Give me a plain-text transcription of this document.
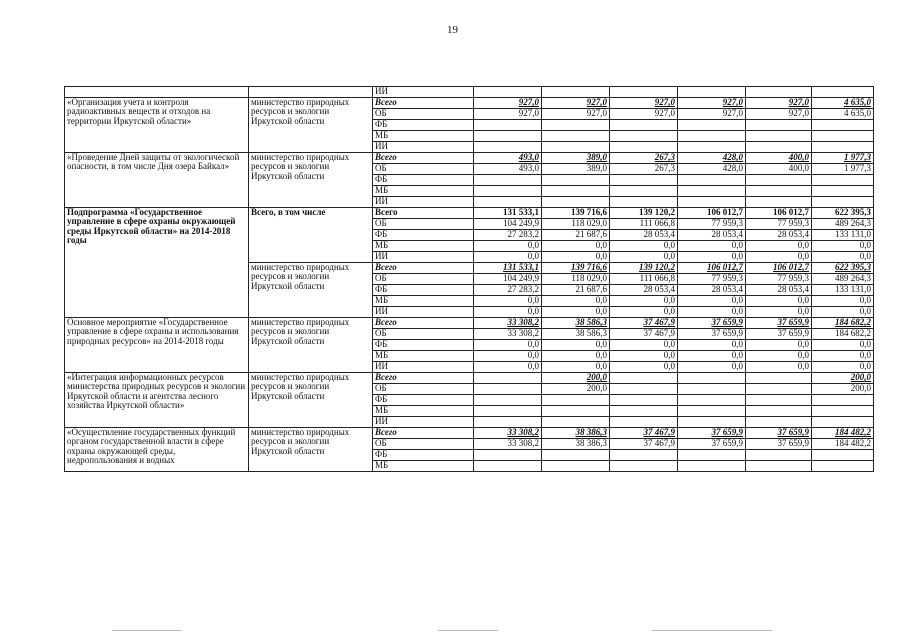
19
		ИИ						
«Организация учета и контроля радиоактивных веществ и отходов на территории Иркутской области»	министерство природных ресурсов и экологии Иркутской области	Всего	927,0	927,0	927,0	927,0	927,0	4 635,0
		ОБ	927,0	927,0	927,0	927,0	927,0	4 635,0
		ФБ						
		МБ						
		ИИ						
«Проведение Дней защиты от экологической опасности, в том числе Дня озера Байкал»	министерство природных ресурсов и экологии Иркутской области	Всего	493,0	389,0	267,3	428,0	400,0	1 977,3
		ОБ	493,0	389,0	267,3	428,0	400,0	1 977,3
		ФБ						
		МБ						
		ИИ						
Подпрограмма «Государственное управление в сфере охраны окружающей среды Иркутской области» на 2014-2018 годы	Всего, в том числе	Всего	131 533,1	139 716,6	139 120,2	106 012,7	106 012,7	622 395,3
		ОБ	104 249,9	118 029,0	111 066,8	77 959,3	77 959,3	489 264,3
		ФБ	27 283,2	21 687,6	28 053,4	28 053,4	28 053,4	133 131,0
		МБ	0,0	0,0	0,0	0,0	0,0	0,0
		ИИ	0,0	0,0	0,0	0,0	0,0	0,0
	министерство природных ресурсов и экологии Иркутской области	Всего	131 533,1	139 716,6	139 120,2	106 012,7	106 012,7	622 395,3
		ОБ	104 249,9	118 029,0	111 066,8	77 959,3	77 959,3	489 264,3
		ФБ	27 283,2	21 687,6	28 053,4	28 053,4	28 053,4	133 131,0
		МБ	0,0	0,0	0,0	0,0	0,0	0,0
		ИИ	0,0	0,0	0,0	0,0	0,0	0,0
Основное мероприятие «Государственное управление в сфере охраны и использования природных ресурсов» на 2014-2018 годы	министерство природных ресурсов и экологии Иркутской области	Всего	33 308,2	38 586,3	37 467,9	37 659,9	37 659,9	184 682,2
		ОБ	33 308,2	38 586,3	37 467,9	37 659,9	37 659,9	184 682,2
		ФБ	0,0	0,0	0,0	0,0	0,0	0,0
		МБ	0,0	0,0	0,0	0,0	0,0	0,0
		ИИ	0,0	0,0	0,0	0,0	0,0	0,0
«Интеграция информационных ресурсов министерства природных ресурсов и экологии Иркутской области и агентства лесного хозяйства Иркутской области»	министерство природных ресурсов и экологии Иркутской области	Всего		200,0				200,0
		ОБ		200,0				200,0
		ФБ						
		МБ						
		ИИ						
«Осуществление государственных функций органом государственной власти в сфере охраны окружающей среды, недропользования и водных	министерство природных ресурсов и экологии Иркутской области	Всего	33 308,2	38 386,3	37 467,9	37 659,9	37 659,9	184 482,2
		ОБ	33 308,2	38 386,3	37 467,9	37 659,9	37 659,9	184 482,2
		ФБ						
		МБ						
